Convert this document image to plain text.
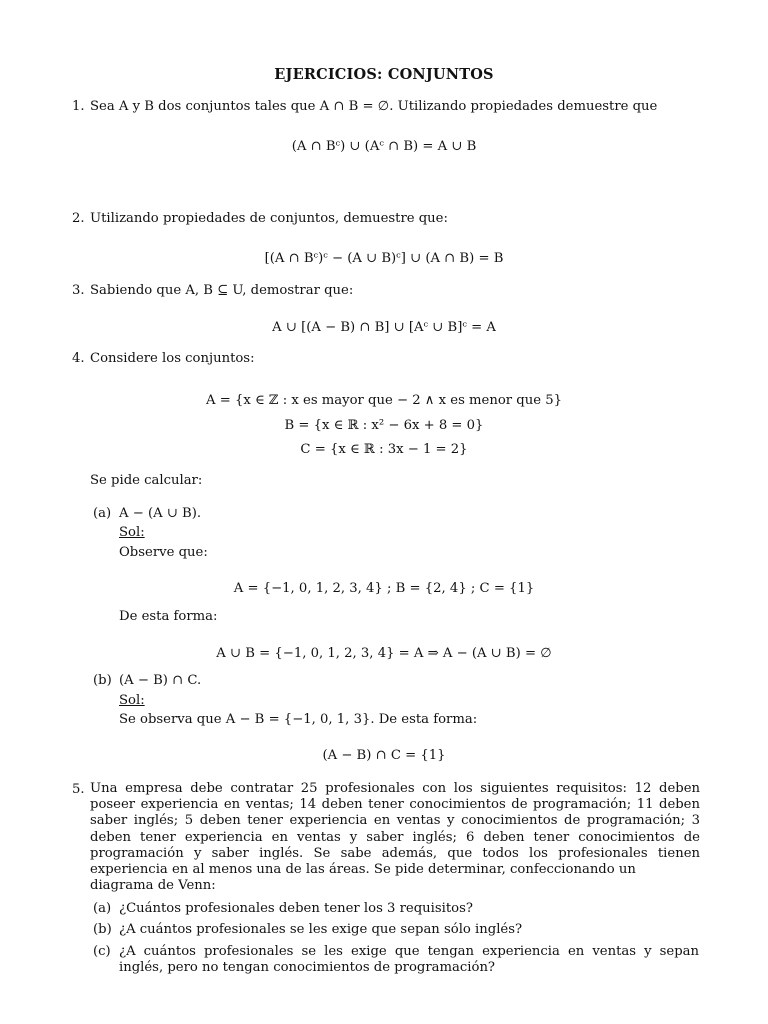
EJERCICIOS: CONJUNTOS
1. Sea A y B dos conjuntos tales que A ∩ B = ∅. Utilizando propiedades demuestre que
(A ∩ Bᶜ) ∪ (Aᶜ ∩ B) = A ∪ B
2. Utilizando propiedades de conjuntos, demuestre que:
[(A ∩ Bᶜ)ᶜ − (A ∪ B)ᶜ] ∪ (A ∩ B) = B
3. Sabiendo que A, B ⊆ U, demostrar que:
A ∪ [(A − B) ∩ B] ∪ [Aᶜ ∪ B]ᶜ = A
4. Considere los conjuntos:
A = {x ∈ ℤ : x es mayor que − 2 ∧ x es menor que 5}
B = {x ∈ ℝ : x² − 6x + 8 = 0}
C = {x ∈ ℝ : 3x − 1 = 2}
Se pide calcular:
(a) A − (A ∪ B).
Sol:
Observe que:
A = {−1, 0, 1, 2, 3, 4} ; B = {2, 4} ; C = {1}
De esta forma:
A ∪ B = {−1, 0, 1, 2, 3, 4} = A ⇒ A − (A ∪ B) = ∅
(b) (A − B) ∩ C.
Sol:
Se observa que A − B = {−1, 0, 1, 3}. De esta forma:
(A − B) ∩ C = {1}
5. Una empresa debe contratar 25 profesionales con los siguientes requisitos: 12 deben poseer experiencia en ventas; 14 deben tener conocimientos de programación; 11 deben saber inglés; 5 deben tener experiencia en ventas y conocimientos de programación; 3 deben tener experiencia en ventas y saber inglés; 6 deben tener conocimientos de programación y saber inglés. Se sabe además, que todos los profesionales tienen experiencia en al menos una de las áreas. Se pide determinar, confeccionando un
diagrama de Venn:
(a) ¿Cuántos profesionales deben tener los 3 requisitos?
(b) ¿A cuántos profesionales se les exige que sepan sólo inglés?
(c) ¿A cuántos profesionales se les exige que tengan experiencia en ventas y sepan inglés, pero no tengan conocimientos de programación?
